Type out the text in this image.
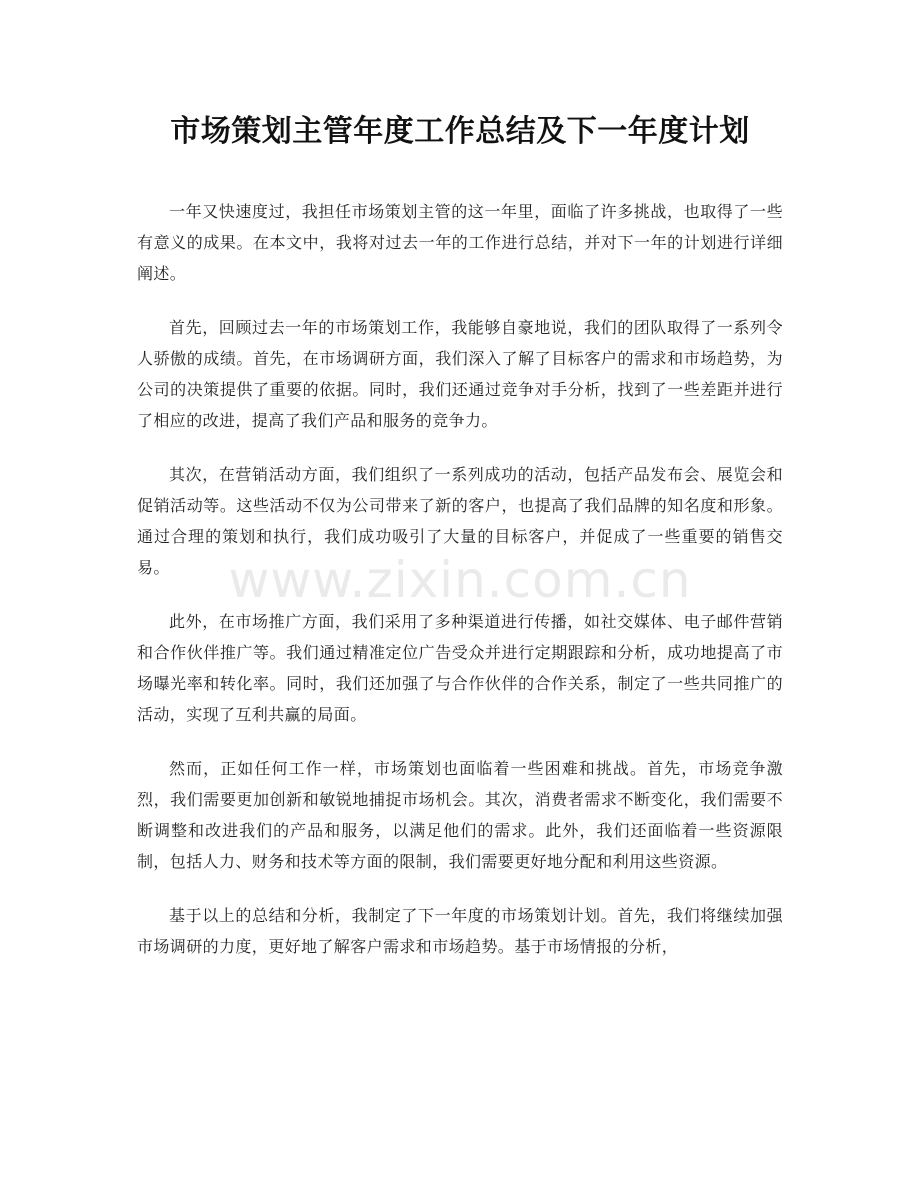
市场策划主管年度工作总结及下一年度计划

一年又快速度过，我担任市场策划主管的这一年里，面临了许多挑战，也取得了一些有意义的成果。在本文中，我将对过去一年的工作进行总结，并对下一年的计划进行详细阐述。

首先，回顾过去一年的市场策划工作，我能够自豪地说，我们的团队取得了一系列令人骄傲的成绩。首先，在市场调研方面，我们深入了解了目标客户的需求和市场趋势，为公司的决策提供了重要的依据。同时，我们还通过竞争对手分析，找到了一些差距并进行了相应的改进，提高了我们产品和服务的竞争力。

其次，在营销活动方面，我们组织了一系列成功的活动，包括产品发布会、展览会和促销活动等。这些活动不仅为公司带来了新的客户，也提高了我们品牌的知名度和形象。通过合理的策划和执行，我们成功吸引了大量的目标客户，并促成了一些重要的销售交易。

此外，在市场推广方面，我们采用了多种渠道进行传播，如社交媒体、电子邮件营销和合作伙伴推广等。我们通过精准定位广告受众并进行定期跟踪和分析，成功地提高了市场曝光率和转化率。同时，我们还加强了与合作伙伴的合作关系，制定了一些共同推广的活动，实现了互利共赢的局面。

然而，正如任何工作一样，市场策划也面临着一些困难和挑战。首先，市场竞争激烈，我们需要更加创新和敏锐地捕捉市场机会。其次，消费者需求不断变化，我们需要不断调整和改进我们的产品和服务，以满足他们的需求。此外，我们还面临着一些资源限制，包括人力、财务和技术等方面的限制，我们需要更好地分配和利用这些资源。

基于以上的总结和分析，我制定了下一年度的市场策划计划。首先，我们将继续加强市场调研的力度，更好地了解客户需求和市场趋势。基于市场情报的分析，

www.zixin.com.cn
